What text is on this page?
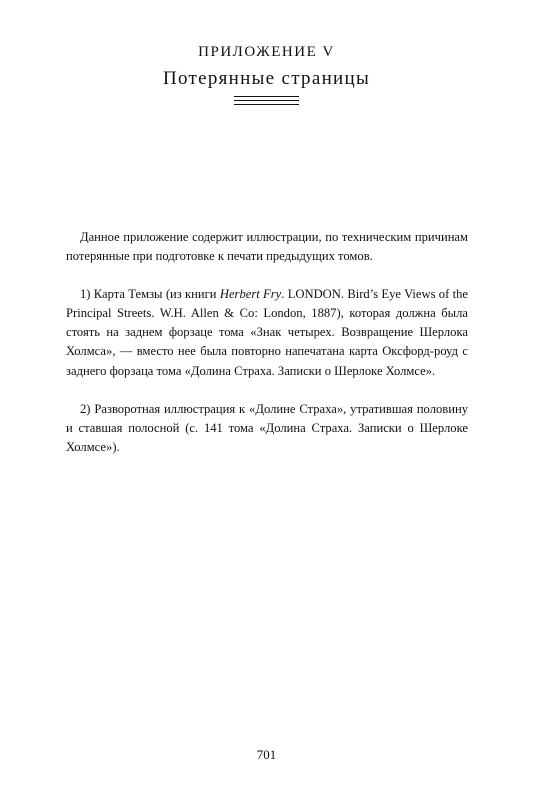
ПРИЛОЖЕНИЕ V
Потерянные страницы

Данное приложение содержит иллюстрации, по техническим причинам потерянные при подготовке к печати предыдущих томов.

1) Карта Темзы (из книги Herbert Fry. LONDON. Bird’s Eye Views of the Principal Streets. W.H. Allen & Co: London, 1887), которая должна была стоять на заднем форзаце тома «Знак четырех. Возвращение Шерлока Холмса», — вместо нее была повторно напечатана карта Оксфорд-роуд с заднего форзаца тома «Долина Страха. Записки о Шерлоке Холмсе».

2) Разворотная иллюстрация к «Долине Страха», утратившая половину и ставшая полосной (с. 141 тома «Долина Страха. Записки о Шерлоке Холмсе»).

701
